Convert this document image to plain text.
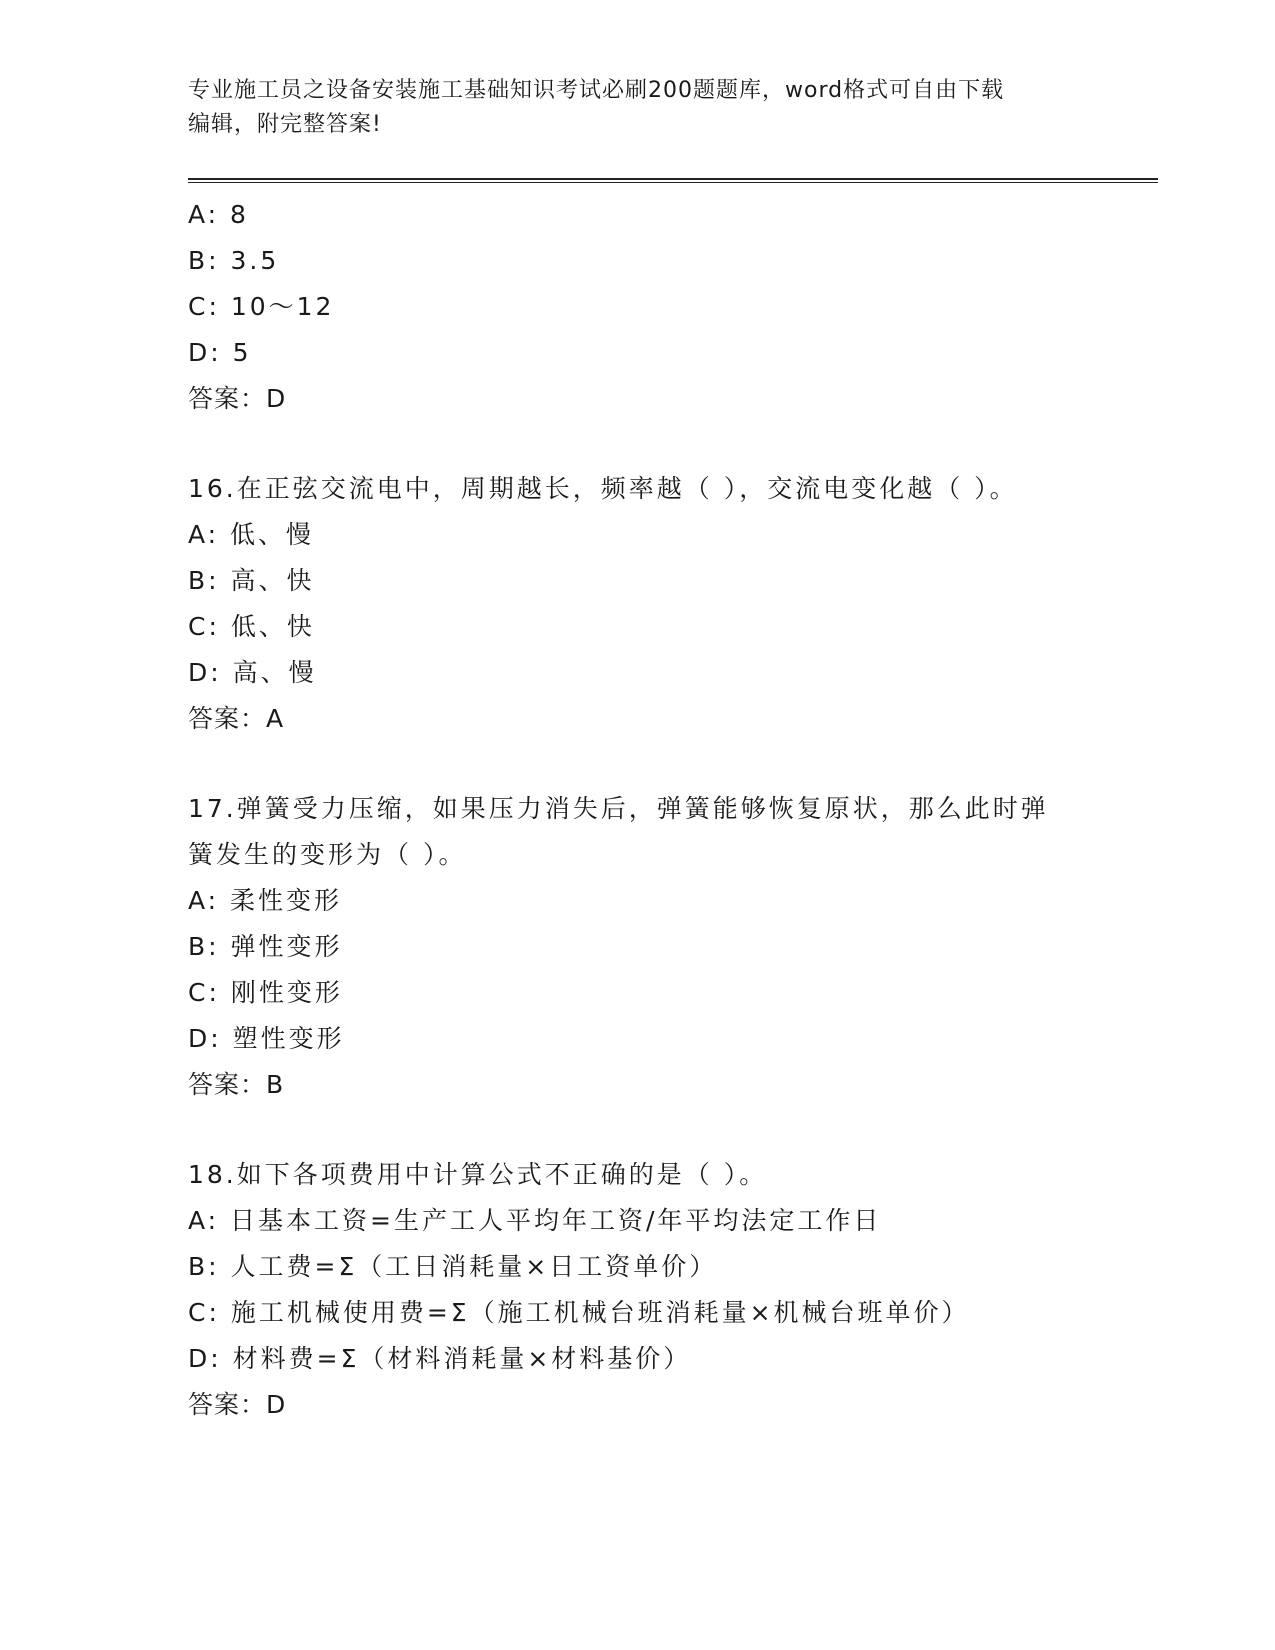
专业施工员之设备安装施工基础知识考试必刷200题题库，word格式可自由下载
编辑，附完整答案!
A: 8
B: 3.5
C: 10～12
D: 5
答案：D
16.在正弦交流电中，周期越长，频率越（ ），交流电变化越（ ）。
A: 低、慢
B: 高、快
C: 低、快
D: 高、慢
答案：A
17.弹簧受力压缩，如果压力消失后，弹簧能够恢复原状，那么此时弹
簧发生的变形为（ ）。
A: 柔性变形
B: 弹性变形
C: 刚性变形
D: 塑性变形
答案：B
18.如下各项费用中计算公式不正确的是（ ）。
A: 日基本工资=生产工人平均年工资/年平均法定工作日
B: 人工费=Σ（工日消耗量×日工资单价）
C: 施工机械使用费=Σ（施工机械台班消耗量×机械台班单价）
D: 材料费=Σ（材料消耗量×材料基价）
答案：D
